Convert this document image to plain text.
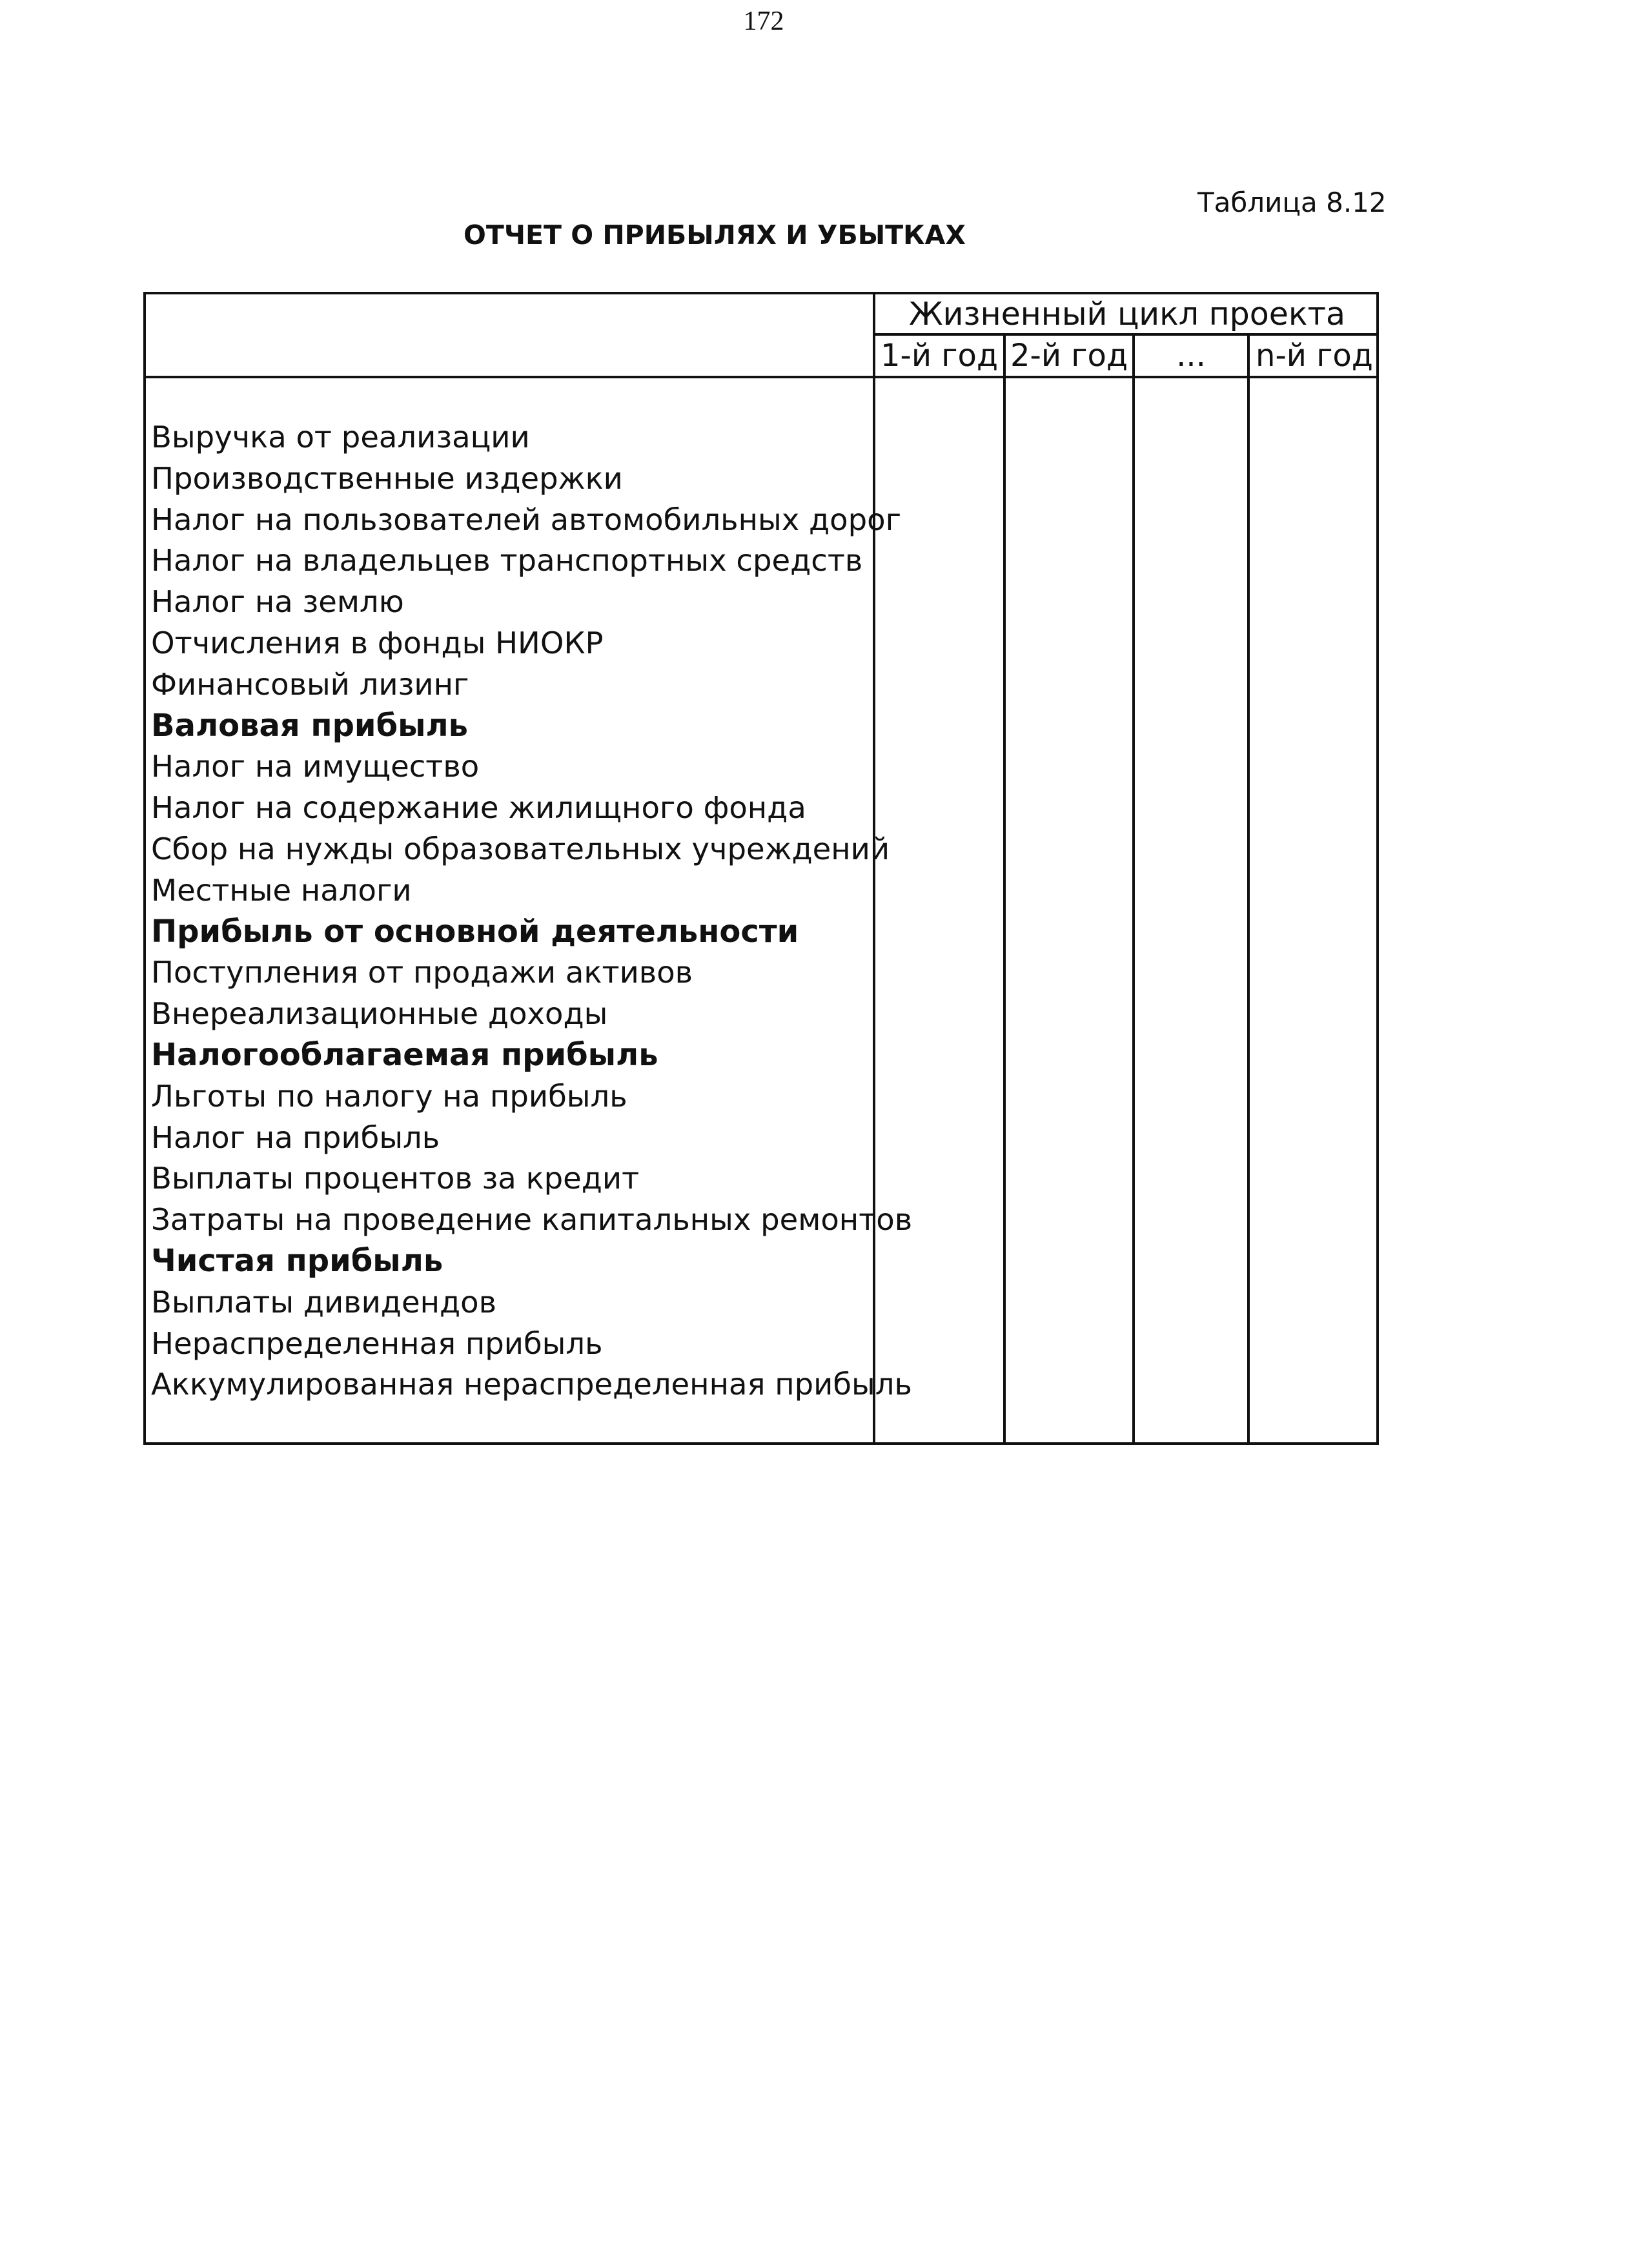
172
Таблица 8.12
ОТЧЕТ О ПРИБЫЛЯХ И УБЫТКАХ
Жизненный цикл проекта
1-й год 2-й год	...	n-й год
Выручка от реализации
Производственные издержки
Налог на пользователей автомобильных дорог
Налог на владельцев транспортных средств
Налог на землю
Отчисления в фонды НИОКР
Финансовый лизинг
Валовая прибыль
Налог на имущество
Налог на содержание жилищного фонда
Сбор на нужды образовательных учреждений
Местные налоги
Прибыль от основной деятельности
Поступления от продажи активов
Внереализационные доходы
Налогооблагаемая прибыль
Льготы по налогу на прибыль
Налог на прибыль
Выплаты процентов за кредит
Затраты на проведение капитальных ремонтов
Чистая прибыль
Выплаты дивидендов
Нераспределенная прибыль
Аккумулированная нераспределенная прибыль
